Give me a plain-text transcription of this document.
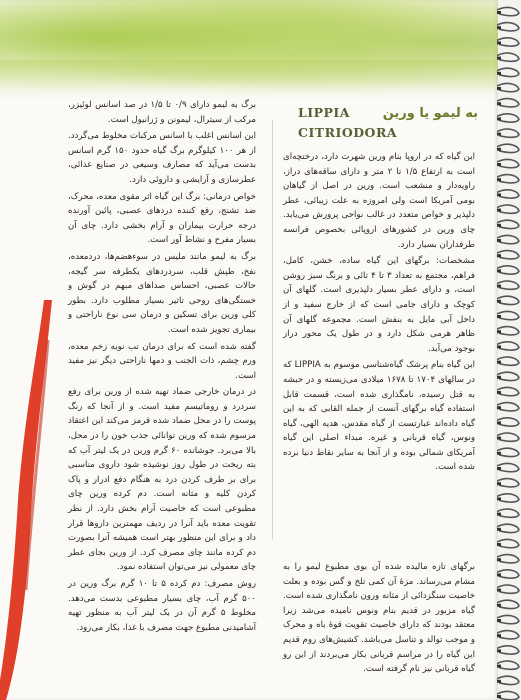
به لیمو یا ورین
LIPPIA
CITRIODORA

این گیاه که در اروپا بنام ورین شهرت دارد، درختچه‌ای است به ارتفاع ۱/۵ تا ۲ متر و دارای ساقه‌های دراز، راویه‌دار و منشعب است. ورین در اصل از گیاهان بومی آمریکا است ولی امروزه به علت زیبائی، عطر دلپذیر و خواص متعدد در غالب نواحی پرورش می‌یابد. چای ورین در کشورهای اروپائی بخصوص فرانسه طرفداران بسیار دارد.

مشخصات: برگهای این گیاه ساده، خشن، کامل، فراهم، مجتمع به تعداد ۳ تا ۴ تائی و برنگ سبز روشن است، و دارای عطر بسیار دلپذیری است. گلهای آن کوچک و دارای جامی است که از خارج سفید و از داخل آبی مایل به بنفش است. مجموعه گلهای آن ظاهر هرمی شکل دارد و در طول یک محور دراز بوجود می‌آید.

این گیاه بنام پرشک گیاه‌شناسی موسوم به LIPPIA که در سالهای ۱۷۰۴ تا ۱۶۷۸ میلادی می‌زیسته و در حبشه به قتل رسیده، نامگذاری شده است، قسمت قابل استفاده گیاه برگهای آنست از جمله القابی که به این گیاه داده‌اند عبارتست از گیاه مقدس، هدیه الهی، گیاه ونوس، گیاه قربانی و غیره. مبداء اصلی این گیاه آمریکای شمالی بوده و از آنجا به سایر نقاط دنیا برده شده است.

برگهای تازه مالیده شده آن بوی مطبوع لیمو را به مشام می‌رساند. مزهٔ آن کمی تلخ و گس بوده و بعلت خاصیت سنگزدائی از مثانه ورون نامگذاری شده است. گیاه مزبور در قدیم بنام ونوس نامیده می‌شد زیرا معتقد بودند که دارای خاصیت تقویت قوهٔ باه و محرک و موجب توالد و تناسل می‌باشد. کشیش‌های روم قدیم این گیاه را در مراسم قربانی بکار می‌بردند از این رو گیاه قربانی نیز نام گرفته است.

برگ به لیمو دارای ۰/۹ تا ۱/۵ در صد اسانس لوئیزر، مرکب از سیترال، لیمونن و ژرانیول است.

این اسانس اغلب با اسانس مرکبات مخلوط می‌گردد. از هر ۱۰۰ کیلوگرم برگ گیاه حدود ۱۵۰ گرم اسانس بدست می‌آید که مصارف وسیعی در صنایع غذائی، عطرسازی و آرایشی و داروئی دارد.

خواص درمانی: برگ این گیاه اثر مقوی معده، محرک، ضد تشنج، رفع کننده دردهای عصبی، پائین آورنده درجه حرارت بیماران و آرام بخشی دارد. چای آن بسیار مفرح و نشاط آور است.

برگ به لیمو مانند ملیس در سوءهضم‌ها، دردمعده، نفخ، طپش قلب، سردردهای یکطرفه سر گیجه، حالات عصبی، احساس صداهای مبهم در گوش و خستگی‌های روحی تاثیر بسیار مطلوب دارد. بطور کلی ورین برای تسکین و درمان سی نوع ناراحتی و بیماری تجویز شده است.

گفته شده است که برای درمان تب نوبه زخم معده، ورم چشم، ذات الجنب و دمها ناراحتی دیگر نیز مفید است.

در درمان خارجی ضماد تهیه شده از ورین برای رفع سردرد و روماتیسم مفید است. و از آنجا که رنگ پوست را در محل ضماد شده قرمز می‌کند این اعتقاد مرسوم شده که ورین توانائی جذب خون را در محل، بالا می‌برد. جوشانده ۶۰ گرم ورین در یک لیتر آب که بته ریخت در طول روز نوشیده شود داروی مناسبی برای بر طرف کردن درد به هنگام دفع ادرار و پاک کردن کلیه و مثانه است. دم کرده ورین چای مطبوعی است که خاصیت آرام بخش دارد. از نظر تقویت معده باید آنرا در ردیف مهمترین داروها قرار داد و برای این منظور بهتر است همیشه آنرا بصورت دم کرده مانند چای مصرف کرد. از ورین بجای عطر چای معمولی نیز می‌توان استفاده نمود.

روش مصرف: دم کرده ۵ تا ۱۰ گرم برگ ورین در ۵۰۰ گرم آب، چای بسیار مطبوعی بدست می‌دهد. مخلوط ۵ گرم آن در یک لیتر آب به منظور تهیه آشامیدنی مطبوع جهت مصرف با غذا، بکار می‌رود.
